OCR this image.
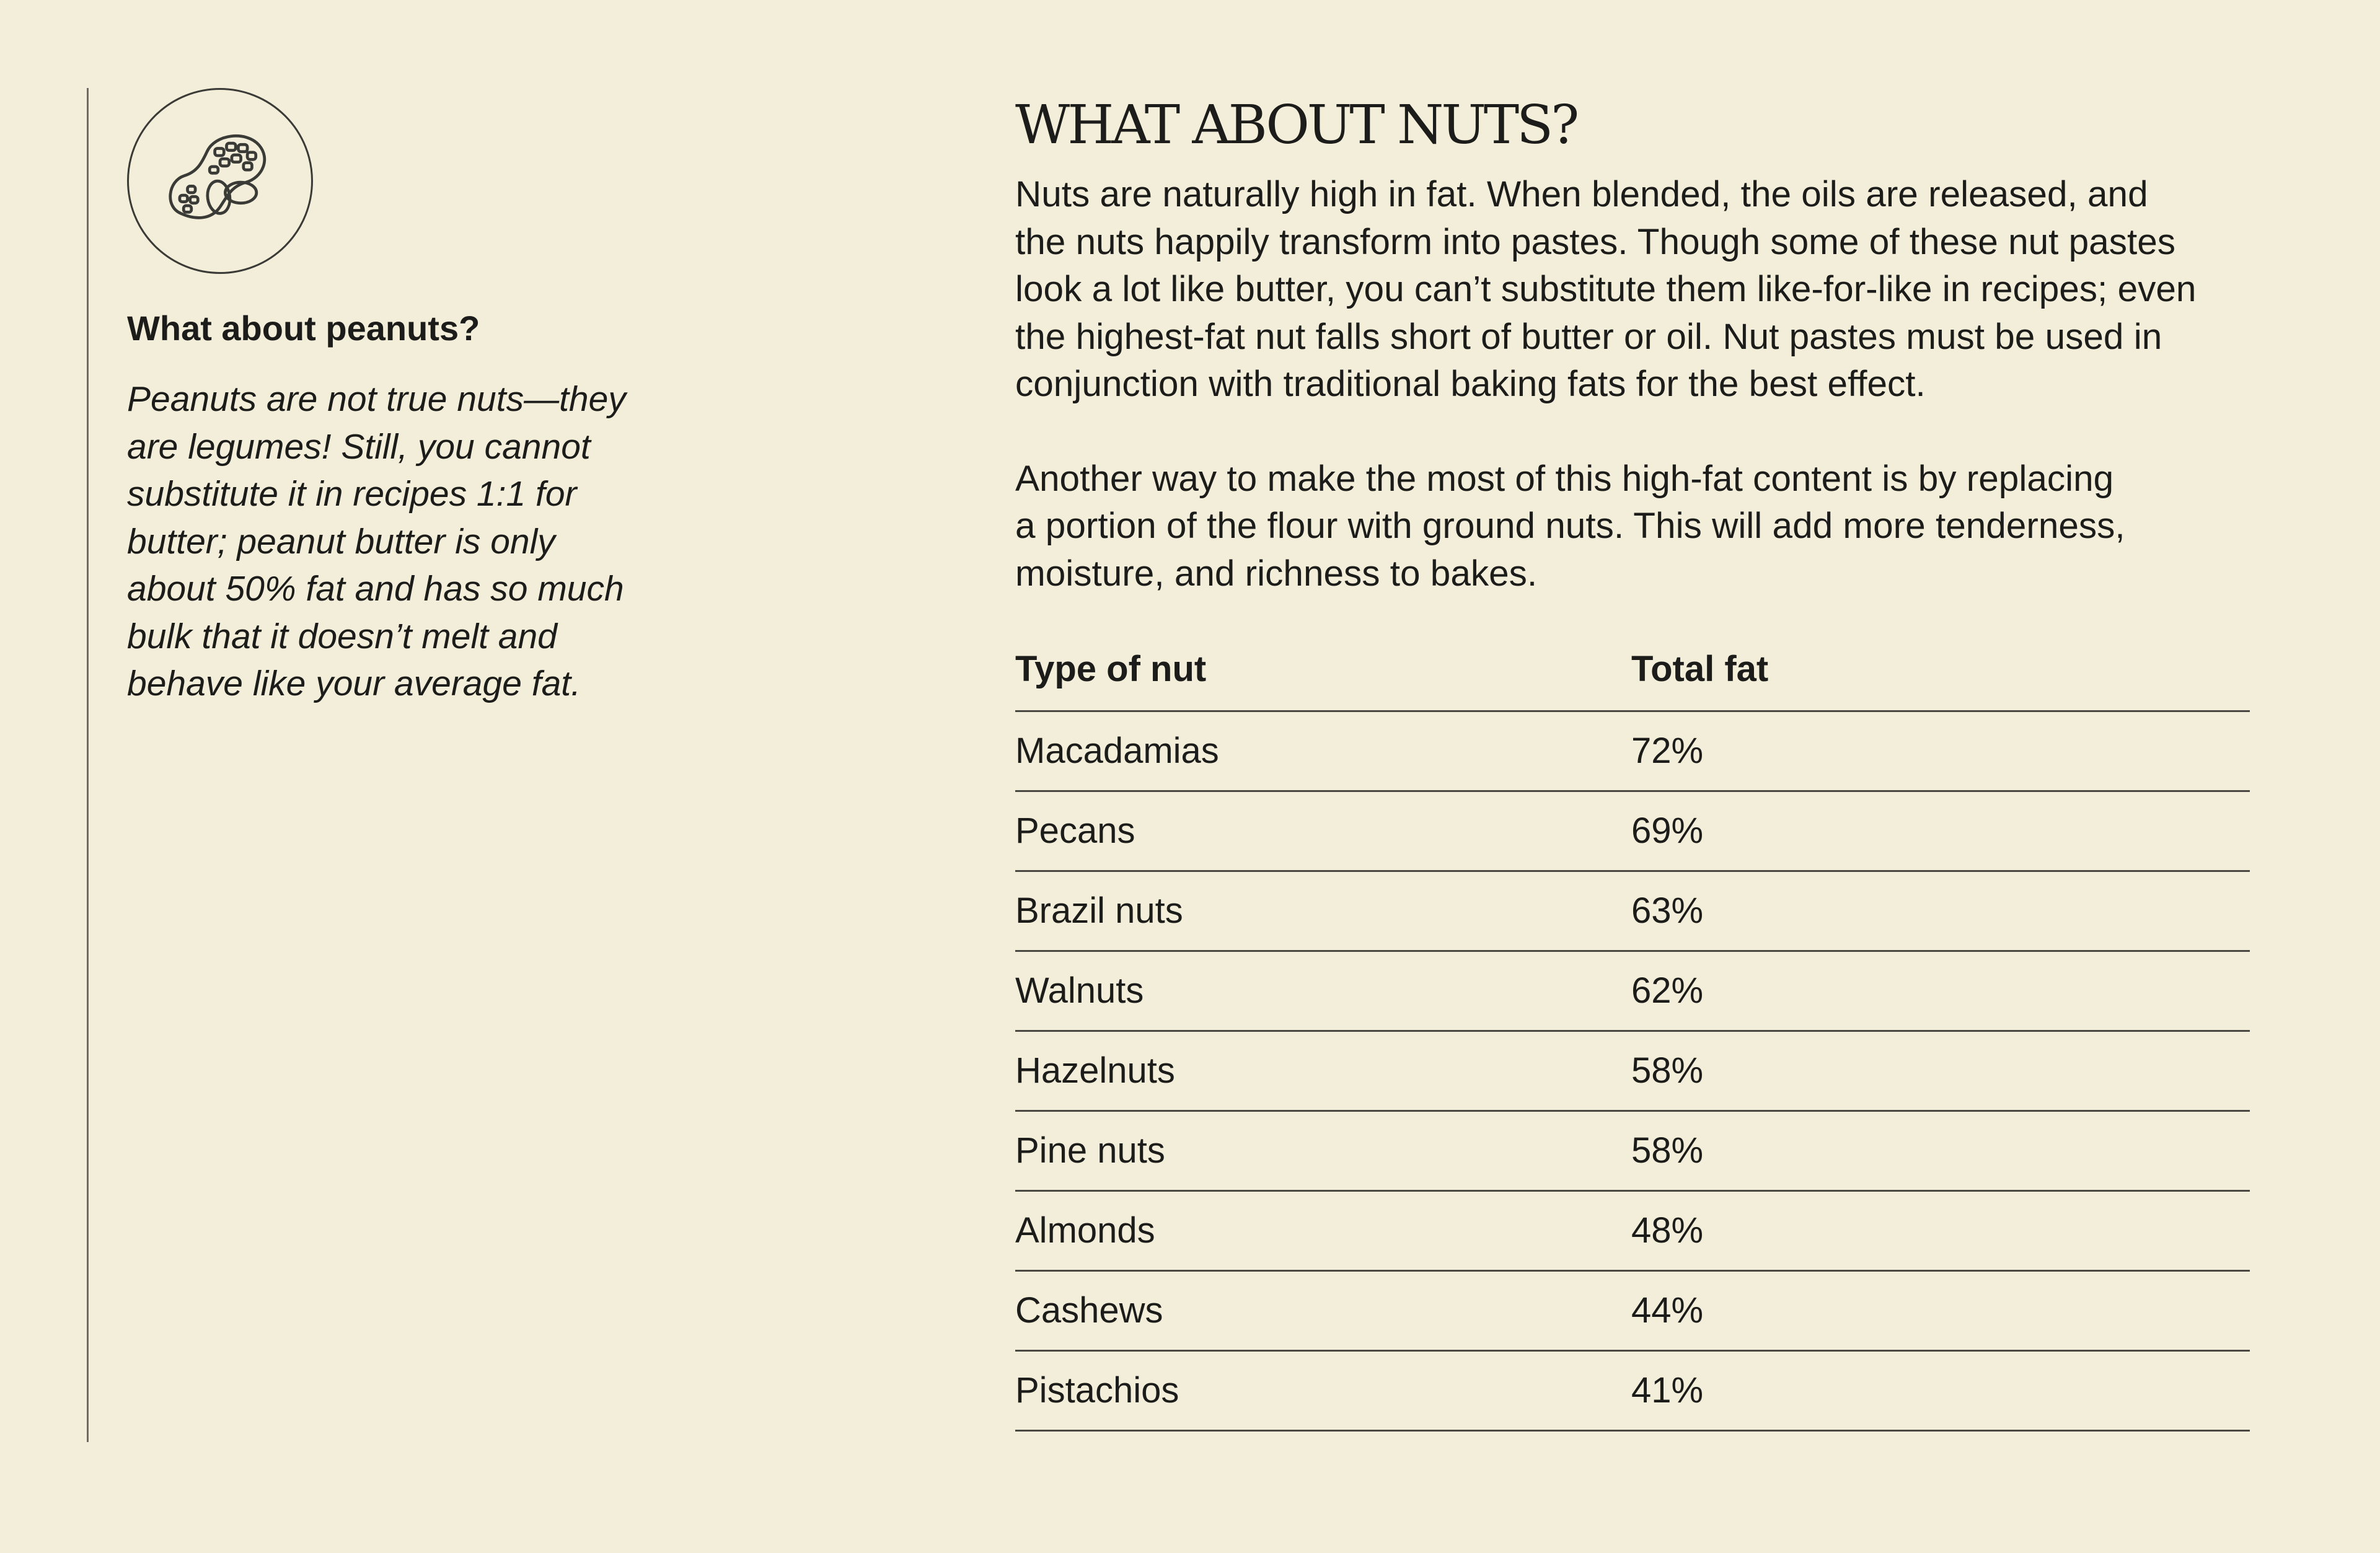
What about peanuts?
Peanuts are not true nuts—they
are legumes! Still, you cannot
substitute it in recipes 1:1 for
butter; peanut butter is only
about 50% fat and has so much
bulk that it doesn’t melt and
behave like your average fat.
WHAT ABOUT NUTS?
Nuts are naturally high in fat. When blended, the oils are released, and
the nuts happily transform into pastes. Though some of these nut pastes
look a lot like butter, you can’t substitute them like-for-like in recipes; even
the highest-fat nut falls short of butter or oil. Nut pastes must be used in
conjunction with traditional baking fats for the best effect.
Another way to make the most of this high-fat content is by replacing
a portion of the flour with ground nuts. This will add more tenderness,
moisture, and richness to bakes.
Type of nut	Total fat
Macadamias	72%
Pecans	69%
Brazil nuts	63%
Walnuts	62%
Hazelnuts	58%
Pine nuts	58%
Almonds	48%
Cashews	44%
Pistachios	41%
